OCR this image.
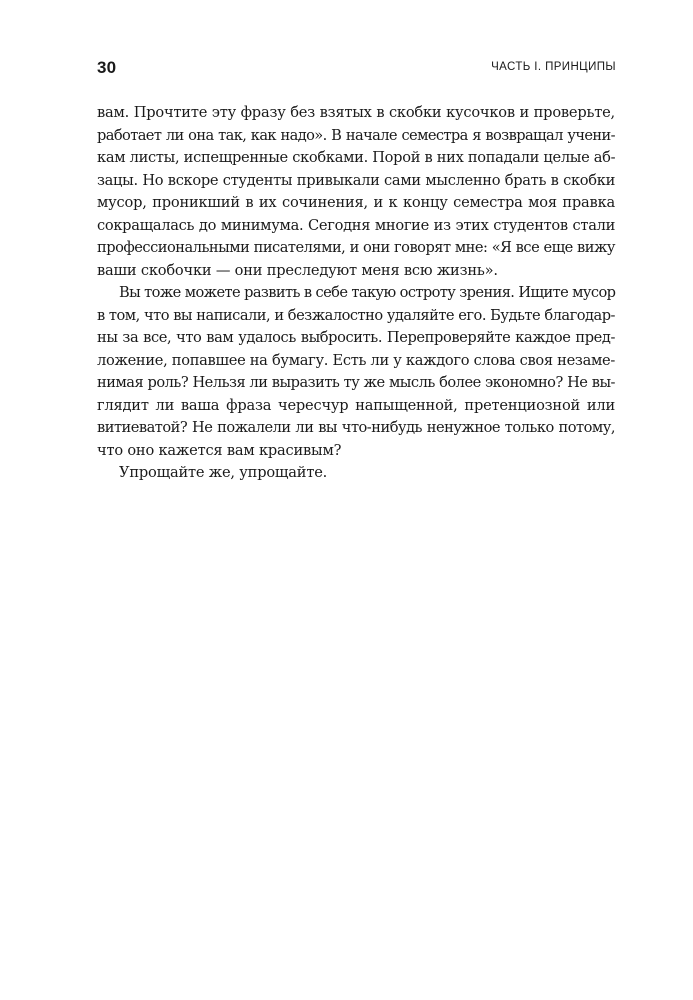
30	ЧАСТЬ I. ПРИНЦИПЫ
вам. Прочтите эту фразу без взятых в скобки кусочков и проверьте,
работает ли она так, как надо». В начале семестра я возвращал учени-
кам листы, испещренные скобками. Порой в них попадали целые аб-
зацы. Но вскоре студенты привыкали сами мысленно брать в скобки
мусор, проникший в их сочинения, и к концу семестра моя правка
сокращалась до минимума. Сегодня многие из этих студентов стали
профессиональными писателями, и они говорят мне: «Я все еще вижу
ваши скобочки — они преследуют меня всю жизнь».
Вы тоже можете развить в себе такую остроту зрения. Ищите мусор
в том, что вы написали, и безжалостно удаляйте его. Будьте благодар-
ны за все, что вам удалось выбросить. Перепроверяйте каждое пред-
ложение, попавшее на бумагу. Есть ли у каждого слова своя незаме-
нимая роль? Нельзя ли выразить ту же мысль более экономно? Не вы-
глядит ли ваша фраза чересчур напыщенной, претенциозной или
витиеватой? Не пожалели ли вы что-нибудь ненужное только потому,
что оно кажется вам красивым?
Упрощайте же, упрощайте.
